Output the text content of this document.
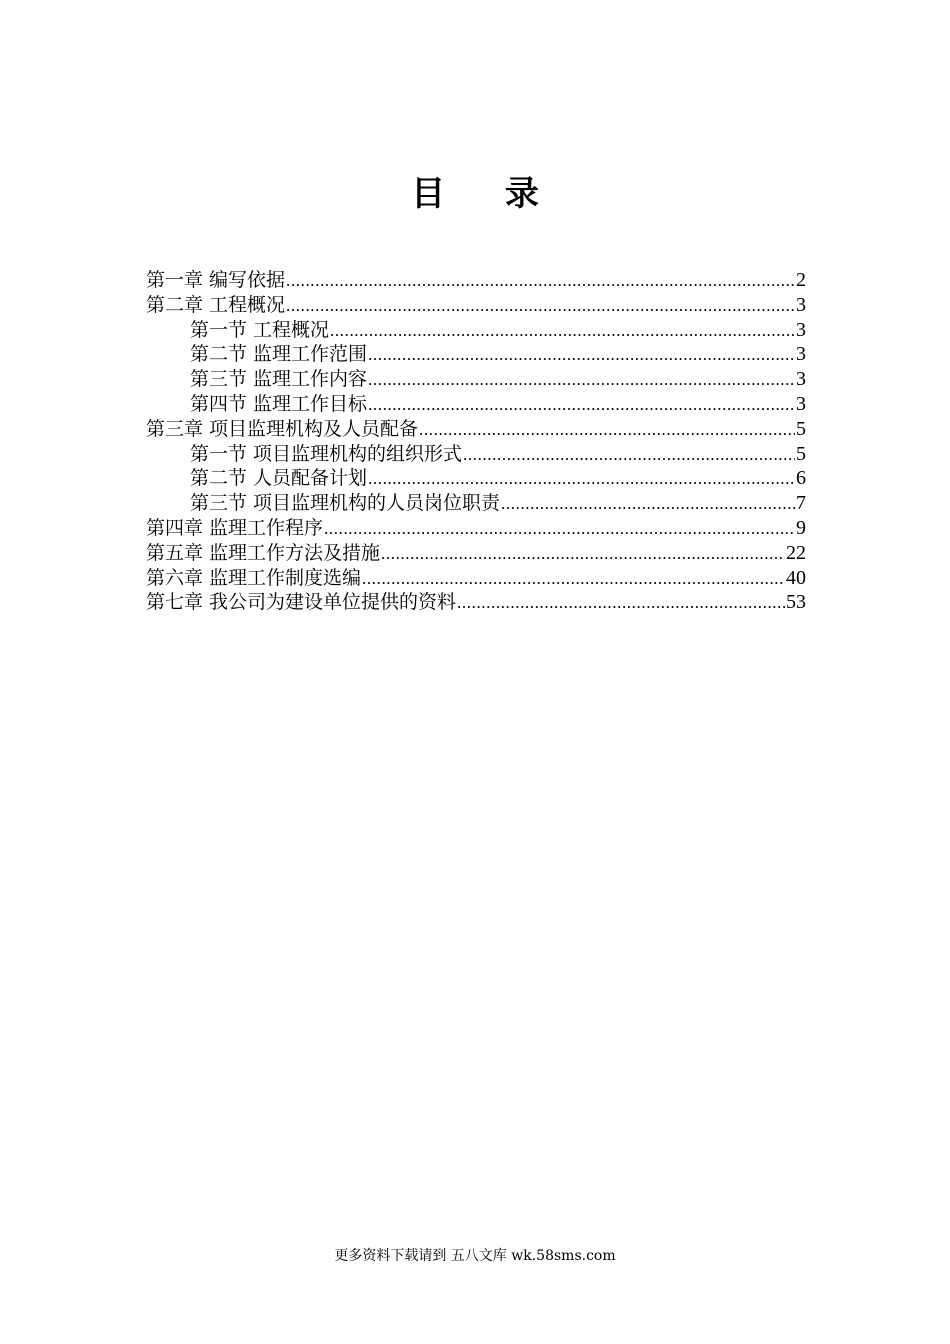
目 录
第一章 编写依据 .....	2
第二章 工程概况 .....	3
第一节 工程概况 .....	3
第二节 监理工作范围 .....	3
第三节 监理工作内容 .....	3
第四节 监理工作目标 .....	3
第三章 项目监理机构及人员配备 .....	5
第一节 项目监理机构的组织形式 .....	5
第二节 人员配备计划 .....	6
第三节 项目监理机构的人员岗位职责 .....	7
第四章 监理工作程序 .....	9
第五章 监理工作方法及措施 .....	22
第六章 监理工作制度选编 .....	40
第七章 我公司为建设单位提供的资料 .....	53
更多资料下载请到 五八文库 wk.58sms.com
